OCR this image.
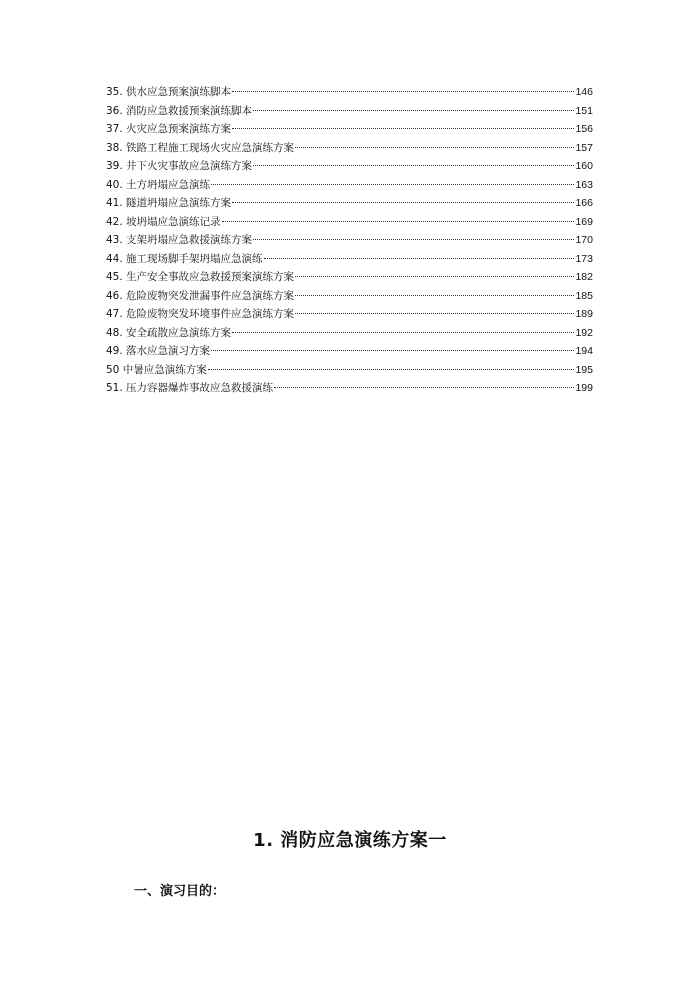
35. 供水应急预案演练脚本	146
36. 消防应急救援预案演练脚本	151
37. 火灾应急预案演练方案	156
38. 铁路工程施工现场火灾应急演练方案	157
39. 井下火灾事故应急演练方案	160
40. 土方坍塌应急演练	163
41. 隧道坍塌应急演练方案	166
42. 坡坍塌应急演练记录	169
43. 支架坍塌应急救援演练方案	170
44. 施工现场脚手架坍塌应急演练	173
45. 生产安全事故应急救援预案演练方案	182
46. 危险废物突发泄漏事件应急演练方案	185
47. 危险废物突发环境事件应急演练方案	189
48. 安全疏散应急演练方案	192
49. 落水应急演习方案	194
50 中暑应急演练方案	195
51. 压力容器爆炸事故应急救援演练	199
1. 消防应急演练方案一
一、演习目的：
